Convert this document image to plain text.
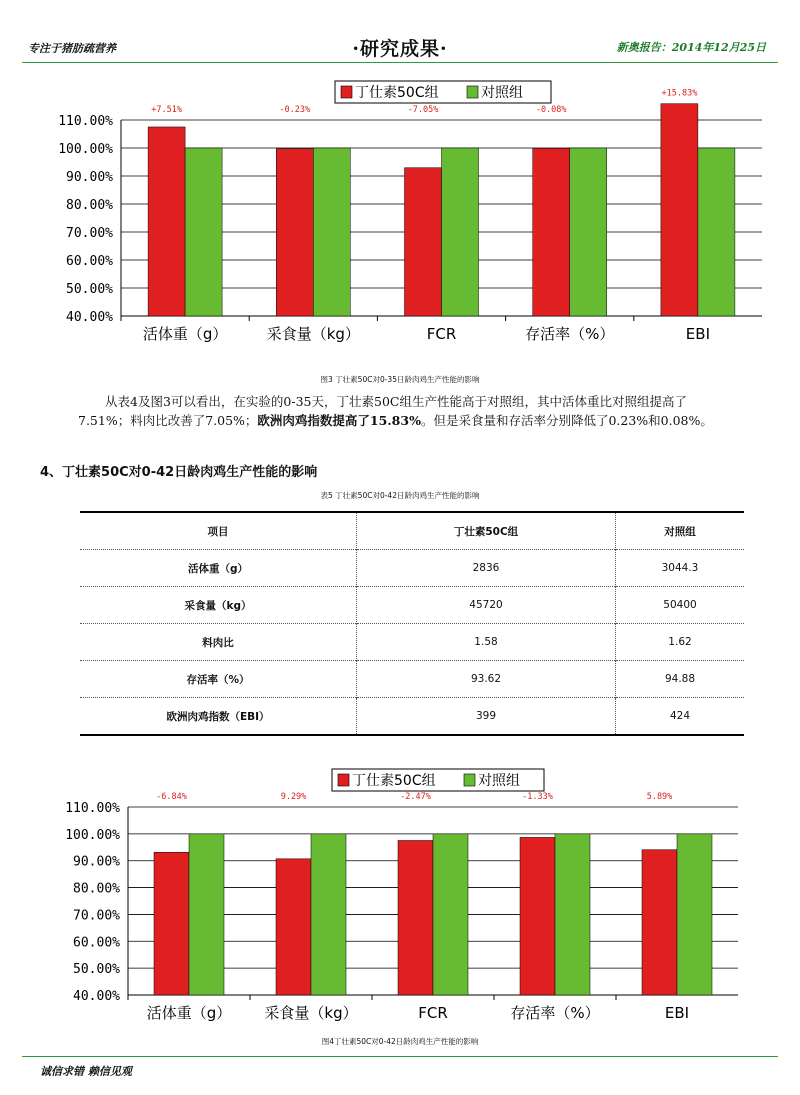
专注于猪肪疏营养	·研究成果·	新奥报告：2014年12月25日
丁仕素50C组	对照组
110.00%
100.00%
90.00%
80.00%
70.00%
60.00%
50.00%
40.00%
+7.51%
活体重（g）
-0.23%
采食量（kg）
-7.05%
FCR
-0.08%
存活率（%）
+15.83%
EBI
图3 丁壮素50C对0-35日龄肉鸡生产性能的影响
从表4及图3可以看出，在实验的0-35天，丁壮素50C组生产性能高于对照组，其中活体重比对照组提高了7.51%；料肉比改善了7.05%；欧洲肉鸡指数提高了15.83%。但是采食量和存活率分别降低了0.23%和0.08%。
4、丁壮素50C对0-42日龄肉鸡生产性能的影响
表5 丁壮素50C对0-42日龄肉鸡生产性能的影响
项目	丁壮素50C组	对照组
活体重（g）	2836	3044.3
采食量（kg）	45720	50400
料肉比	1.58	1.62
存活率（%）	93.62	94.88
欧洲肉鸡指数（EBI）	399	424
丁仕素50C组	对照组
110.00%
100.00%
90.00%
80.00%
70.00%
60.00%
50.00%
40.00%
-6.84%
活体重（g）
9.29%
采食量（kg）
-2.47%
FCR
-1.33%
存活率（%）
5.89%
EBI
图4丁壮素50C对0-42日龄肉鸡生产性能的影响
诚信求错 赖信见观
